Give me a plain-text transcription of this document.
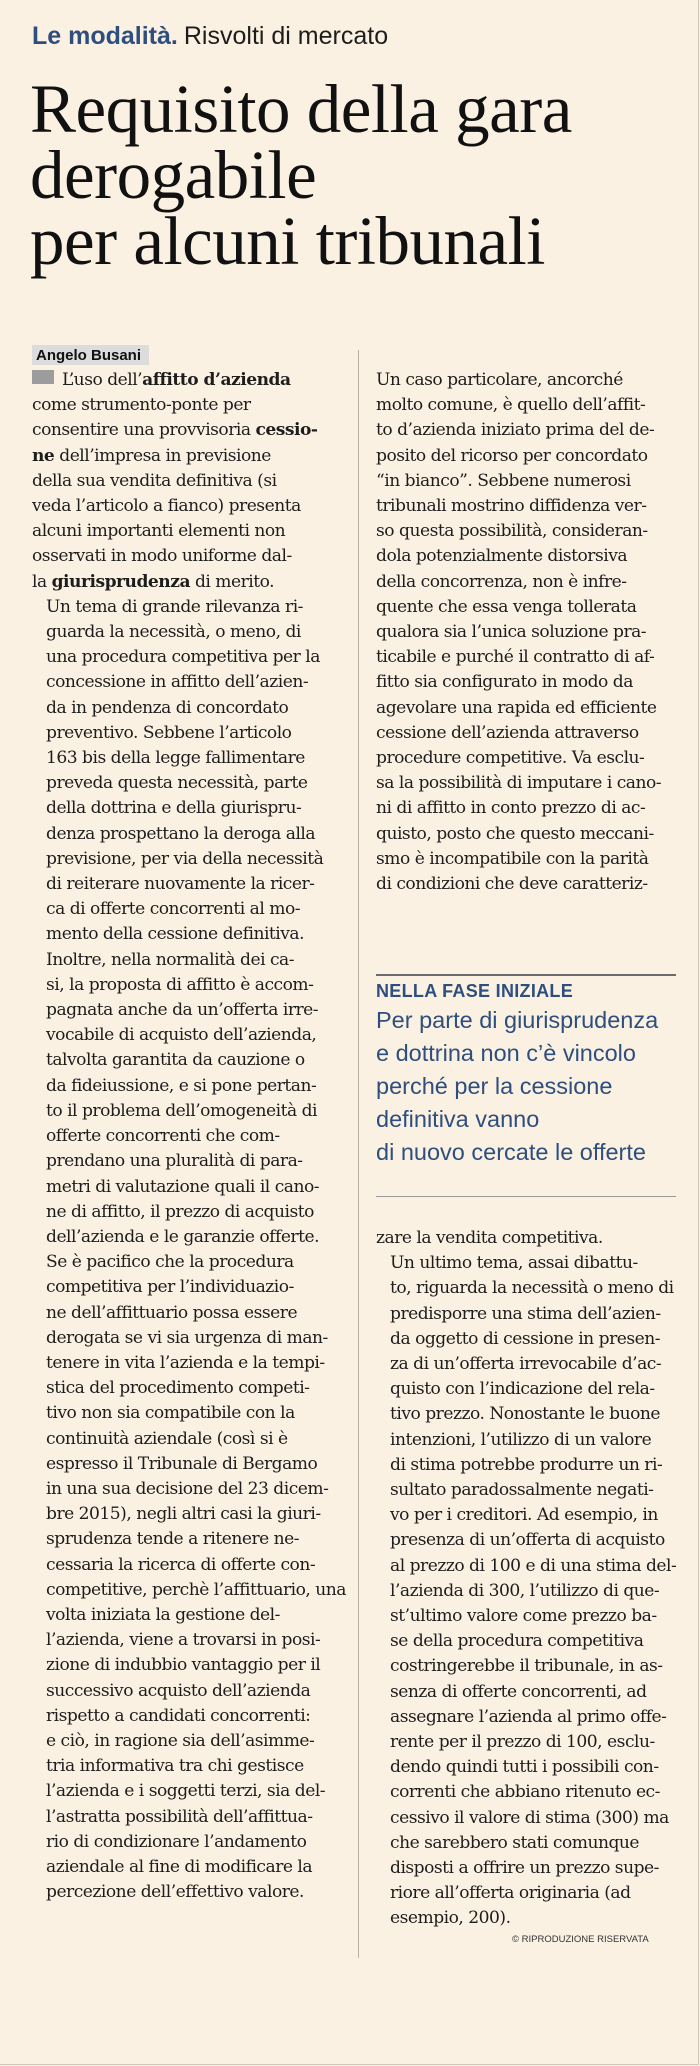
Le modalità. Risvolti di mercato
Requisito della gara
derogabile
per alcuni tribunali
Angelo Busani

L’uso dell’affitto d’azienda

come strumento-ponte per
consentire una provvisoria cessio-
ne dell’impresa in previsione
della sua vendita definitiva (si
veda l’articolo a fianco) presenta
alcuni importanti elementi non
osservati in modo uniforme dal-
la giurisprudenza di merito.

Un tema di grande rilevanza ri-
guarda la necessità, o meno, di
una procedura competitiva per la
concessione in affitto dell’azien-
da in pendenza di concordato
preventivo. Sebbene l’articolo
163 bis della legge fallimentare
preveda questa necessità, parte
della dottrina e della giurispru-
denza prospettano la deroga alla
previsione, per via della necessità
di reiterare nuovamente la ricer-
ca di offerte concorrenti al mo-
mento della cessione definitiva.

Inoltre, nella normalità dei ca-
si, la proposta di affitto è accom-
pagnata anche da un’offerta irre-
vocabile di acquisto dell’azienda,
talvolta garantita da cauzione o
da fideiussione, e si pone pertan-
to il problema dell’omogeneità di
offerte concorrenti che com-
prendano una pluralità di para-
metri di valutazione quali il cano-
ne di affitto, il prezzo di acquisto
dell’azienda e le garanzie offerte.

Se è pacifico che la procedura
competitiva per l’individuazio-
ne dell’affittuario possa essere
derogata se vi sia urgenza di man-
tenere in vita l’azienda e la tempi-
stica del procedimento competi-
tivo non sia compatibile con la
continuità aziendale (così si è
espresso il Tribunale di Bergamo
in una sua decisione del 23 dicem-
bre 2015), negli altri casi la giuri-
sprudenza tende a ritenere ne-
cessaria la ricerca di offerte con-
competitive, perchè l’affittuario, una
volta iniziata la gestione del-
l’azienda, viene a trovarsi in posi-
zione di indubbio vantaggio per il
successivo acquisto dell’azienda
rispetto a candidati concorrenti:
e ciò, in ragione sia dell’asimme-
tria informativa tra chi gestisce
l’azienda e i soggetti terzi, sia del-
l’astratta possibilità dell’affittua-
rio di condizionare l’andamento
aziendale al fine di modificare la
percezione dell’effettivo valore.

Un caso particolare, ancorché
molto comune, è quello dell’affit-
to d’azienda iniziato prima del de-
posito del ricorso per concordato
“in bianco”. Sebbene numerosi
tribunali mostrino diffidenza ver-
so questa possibilità, consideran-
dola potenzialmente distorsiva
della concorrenza, non è infre-
quente che essa venga tollerata
qualora sia l’unica soluzione pra-
ticabile e purché il contratto di af-
fitto sia configurato in modo da
agevolare una rapida ed efficiente
cessione dell’azienda attraverso
procedure competitive. Va esclu-
sa la possibilità di imputare i cano-
ni di affitto in conto prezzo di ac-
quisto, posto che questo meccani-
smo è incompatibile con la parità
di condizioni che deve caratteriz-

NELLA FASE INIZIALE
Per parte di giurisprudenza
e dottrina non c’è vincolo
perché per la cessione
definitiva vanno
di nuovo cercate le offerte

zare la vendita competitiva.

Un ultimo tema, assai dibattu-
to, riguarda la necessità o meno di
predisporre una stima dell’azien-
da oggetto di cessione in presen-
za di un’offerta irrevocabile d’ac-
quisto con l’indicazione del rela-
tivo prezzo. Nonostante le buone
intenzioni, l’utilizzo di un valore
di stima potrebbe produrre un ri-
sultato paradossalmente negati-
vo per i creditori. Ad esempio, in
presenza di un’offerta di acquisto
al prezzo di 100 e di una stima del-
l’azienda di 300, l’utilizzo di que-
st’ultimo valore come prezzo ba-
se della procedura competitiva
costringerebbe il tribunale, in as-
senza di offerte concorrenti, ad
assegnare l’azienda al primo offe-
rente per il prezzo di 100, esclu-
dendo quindi tutti i possibili con-
correnti che abbiano ritenuto ec-
cessivo il valore di stima (300) ma
che sarebbero stati comunque
disposti a offrire un prezzo supe-
riore all’offerta originaria (ad
esempio, 200).

© RIPRODUZIONE RISERVATA
